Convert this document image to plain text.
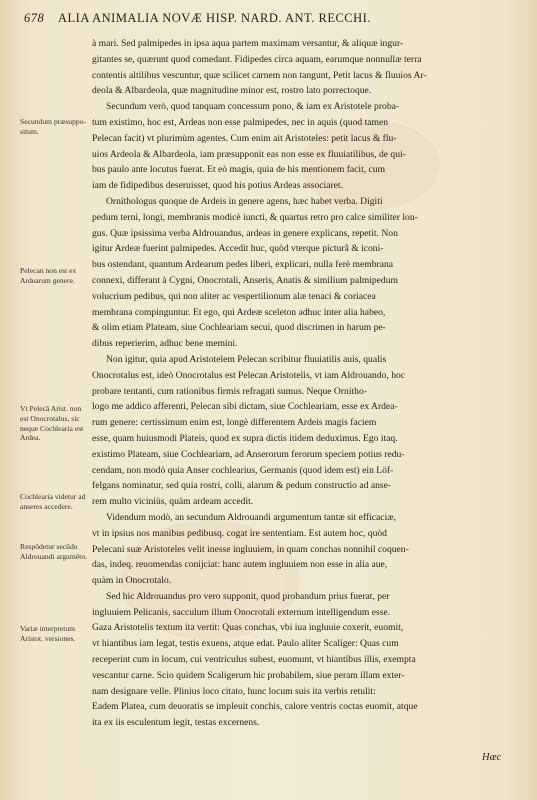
678 ALIA ANIMALIA NOVÆ HISP. NARD. ANT. RECCHI.
Secundum præsuppo- situm.
Pelecan non est ex Ardearum genere.
Vt Pelecã Arist. non est Onocrotalus, sic neque Cochlearia est Ardea.
Cochlearia videtur ad anseres accedere.
Respõdetur secũdo Aldrouandi argumēto.
Variæ interpretum Aristot. versiones.
à mari. Sed palmipedes in ipsa aqua partem maximam versantur, & aliquæ ingur-
gitantes se, quærunt quod comedant. Fidipedes circa aquam, earumque nonnullæ terra
contentis altilibus vescuntur, quæ scilicet carnem non tangunt, Petit lacus & fluuios Ar-
deola & Albardeola, quæ magnitudine minor est, rostro lato porrectoque.
Secundum verò, quod tanquam concessum pono, & iam ex Aristotele proba-
tum existimo, hoc est, Ardeas non esse palmipedes, nec in aquis (quod tamen
Pelecan facit) vt plurimùm agentes. Cum enim ait Aristoteles: petit lacus & flu-
uios Ardeola & Albardeola, iam præsupponit eas non esse ex fluuiatilibus, de qui-
bus paulo ante locutus fuerat. Et eò magis, quia de his mentionem facit, cum
iam de fidipedibus deseruisset, quod his potius Ardeas associaret.
Ornithologus quoque de Ardeis in genere agens, hæc habet verba. Digiti
pedum terni, longi, membranis modicè iuncti, & quartus retro pro calce similiter lon-
gus. Quæ ipsissima verba Aldrouandus, ardeas in genere explicans, repetit. Non
igitur Ardeæ fuerint palmipedes. Accedit huc, quòd vterque picturâ & iconi-
bus ostendant, quantum Ardearum pedes liberi, explicari, nulla ferè membrana
connexi, differant à Cygni, Onocrotali, Anseris, Anatis & similium palmipedum
volucrium pedibus, qui non aliter ac vespertilionum alæ tenaci & coriacea
membrana compinguntur. Et ego, qui Ardeæ sceleton adhuc inter alia habeo,
& olim etiam Plateam, siue Cochleariam secui, quod discrimen in harum pe-
dibus reperierim, adhuc bene memini.
Non igitur, quia apud Aristotelem Pelecan scribitur fluuiatilis auis, qualis
Onocrotalus est, ideò Onocrotalus est Pelecan Aristotelis, vt iam Aldrouando, hoc
probare tentanti, cum rationibus firmis refragati sumus. Neque Ornitho-
logo me addico afferenti, Pelecan sibi dictam, siue Cochleariam, esse ex Ardea-
rum genere: certissimum enim est, longè differentem Ardeis magis faciem
esse, quam huiusmodi Plateis, quod ex supra dictis itidem deduximus. Ego itaq.
existimo Plateam, siue Cochleariam, ad Anserorum ferorum speciem potius redu-
cendam, non modò quia Anser cochlearius, Germanis (quod idem est) ein Löf-
felgans nominatur, sed quia rostri, colli, alarum & pedum constructio ad anse-
rem multo viciniùs, quàm ardeam accedit.
Videndum modò, an secundum Aldrouandi argumentum tantæ sit efficaciæ,
vt in ipsius nos manibus pedibusq. cogat ire sententiam. Est autem hoc, quòd
Pelecani suæ Aristoteles velit inesse ingluuiem, in quam conchas nonnihil coquen-
das, indeq. reuomendas conijciat: hanc autem ingluuiem non esse in alia aue,
quàm in Onocrotalo.
Sed hic Aldrouandus pro vero supponit, quod probandum prius fuerat, per
ingluuiem Pelicanis, sacculum illum Onocrotali externum intelligendum esse.
Gaza Aristotelis textum ita vertit: Quas conchas, vbi iua ingluuie coxerit, euomit,
vt hiantibus iam legat, testis exuens, atque edat. Paulo aliter Scaliger: Quas cum
receperint cum in locum, cui ventriculus subest, euomunt, vt hiantibus illis, exempta
vescantur carne. Scio quidem Scaligerum hic probabilem, siue peram illam exter-
nam designare velle. Plinius loco citato, hunc locum suis ita verbis retulit:
Eadem Platea, cum deuoratis se impleuit conchis, calore ventris coctas euomit, atque
ita ex iis esculentum legit, testas excernens.
Hæc
